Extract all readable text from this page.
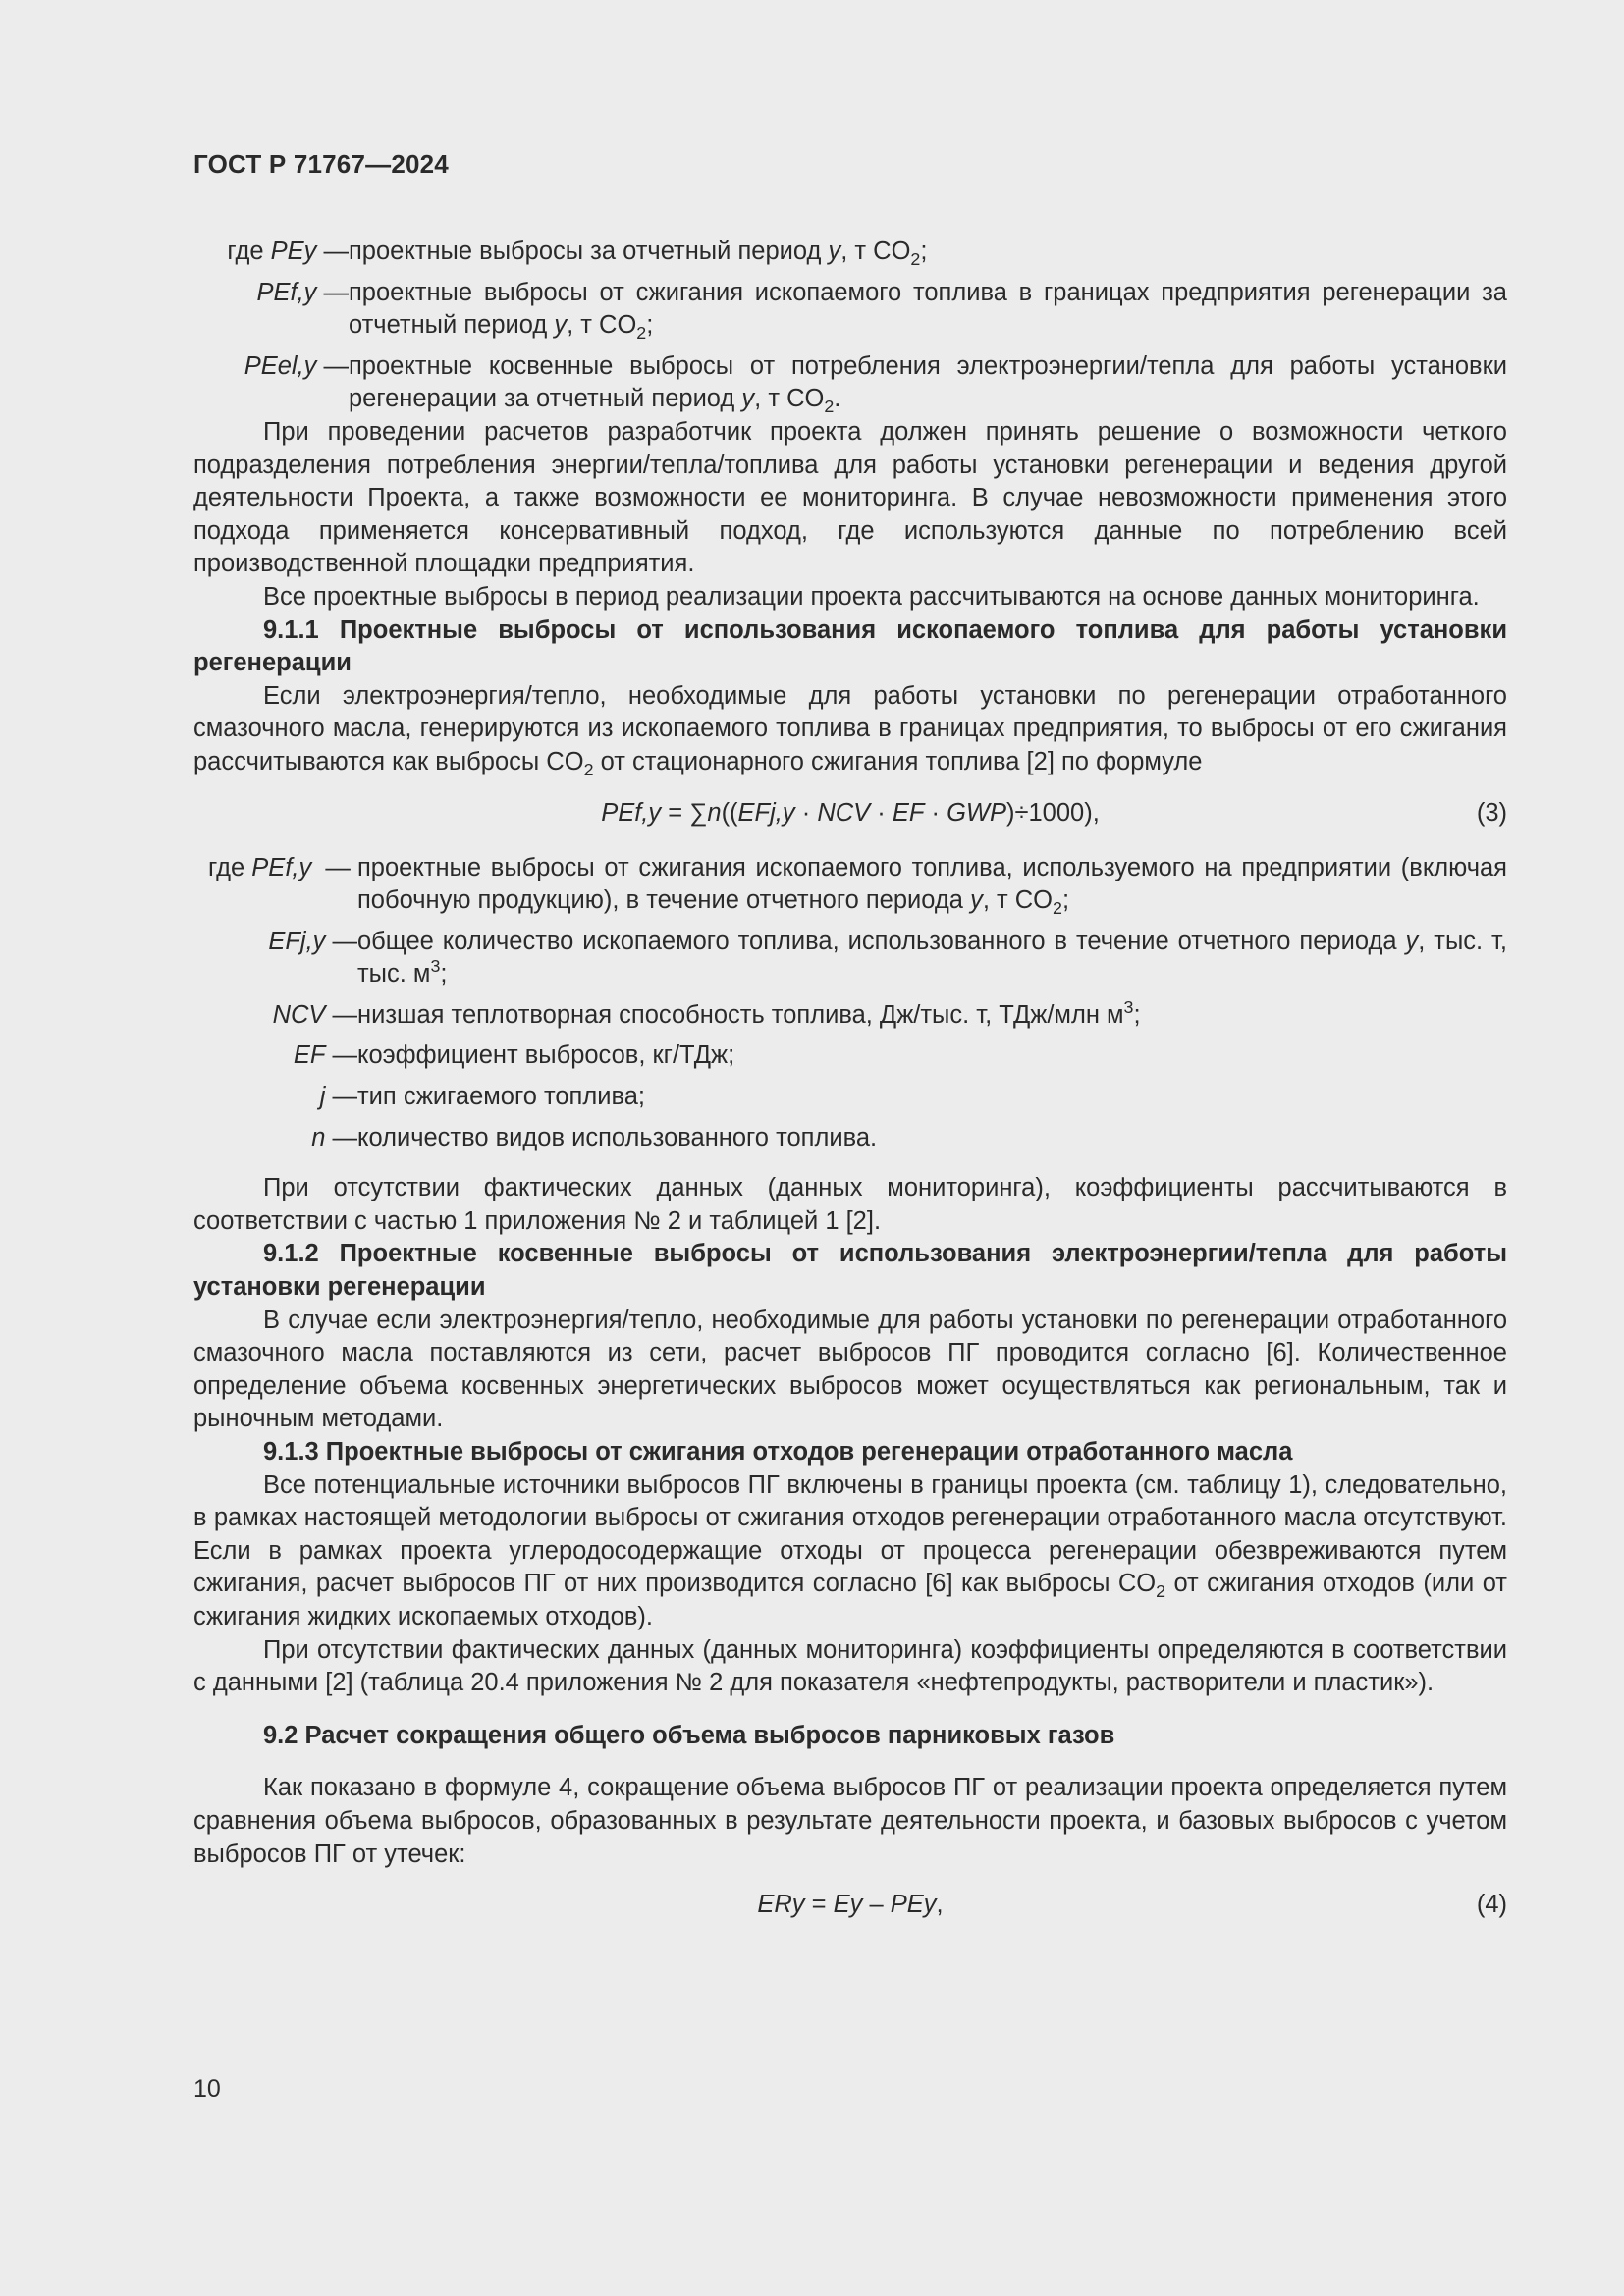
ГОСТ Р 71767—2024
где PEy — проектные выбросы за отчетный период y, т $CO_2$;
PEf,y — проектные выбросы от сжигания ископаемого топлива в границах предприятия регенерации за отчетный период y, т $CO_2$;
PEel,y — проектные косвенные выбросы от потребления электроэнергии/тепла для работы установки регенерации за отчетный период y, т $CO_2$.

При проведении расчетов разработчик проекта должен принять решение о возможности четкого подразделения потребления энергии/тепла/топлива для работы установки регенерации и ведения другой деятельности Проекта, а также возможности ее мониторинга. В случае невозможности применения этого подхода применяется консервативный подход, где используются данные по потреблению всей производственной площадки предприятия.

Все проектные выбросы в период реализации проекта рассчитываются на основе данных мониторинга.

9.1.1 Проектные выбросы от использования ископаемого топлива для работы установки регенерации

Если электроэнергия/тепло, необходимые для работы установки по регенерации отработанного смазочного масла, генерируются из ископаемого топлива в границах предприятия, то выбросы от его сжигания рассчитываются как выбросы $CO_2$ от стационарного сжигания топлива [2] по формуле

PEf,y = ∑n((EFj,y · NCV · EF · GWP)÷1000),	(3)
где PEf,y  — проектные выбросы от сжигания ископаемого топлива, используемого на предприятии (включая побочную продукцию), в течение отчетного периода y, т $CO_2$;
EFj,y — общее количество ископаемого топлива, использованного в течение отчетного периода y, тыс. т, тыс. $м^3$;
NCV — низшая теплотворная способность топлива, Дж/тыс. т, ТДж/млн $м^3$;
EF — коэффициент выбросов, кг/ТДж;
j — тип сжигаемого топлива;
n — количество видов использованного топлива.

При отсутствии фактических данных (данных мониторинга), коэффициенты рассчитываются в соответствии с частью 1 приложения № 2 и таблицей 1 [2].

9.1.2 Проектные косвенные выбросы от использования электроэнергии/тепла для работы установки регенерации

В случае если электроэнергия/тепло, необходимые для работы установки по регенерации отработанного смазочного масла поставляются из сети, расчет выбросов ПГ проводится согласно [6]. Количественное определение объема косвенных энергетических выбросов может осуществляться как региональным, так и рыночным методами.

9.1.3 Проектные выбросы от сжигания отходов регенерации отработанного масла

Все потенциальные источники выбросов ПГ включены в границы проекта (см. таблицу 1), следовательно, в рамках настоящей методологии выбросы от сжигания отходов регенерации отработанного масла отсутствуют. Если в рамках проекта углеродосодержащие отходы от процесса регенерации обезвреживаются путем сжигания, расчет выбросов ПГ от них производится согласно [6] как выбросы $CO_2$ от сжигания отходов (или от сжигания жидких ископаемых отходов).

При отсутствии фактических данных (данных мониторинга) коэффициенты определяются в соответствии с данными [2] (таблица 20.4 приложения № 2 для показателя «нефтепродукты, растворители и пластик»).

9.2 Расчет сокращения общего объема выбросов парниковых газов

Как показано в формуле 4, сокращение объема выбросов ПГ от реализации проекта определяется путем сравнения объема выбросов, образованных в результате деятельности проекта, и базовых выбросов с учетом выбросов ПГ от утечек:

ERy = Ey – PEy,	(4)
10
